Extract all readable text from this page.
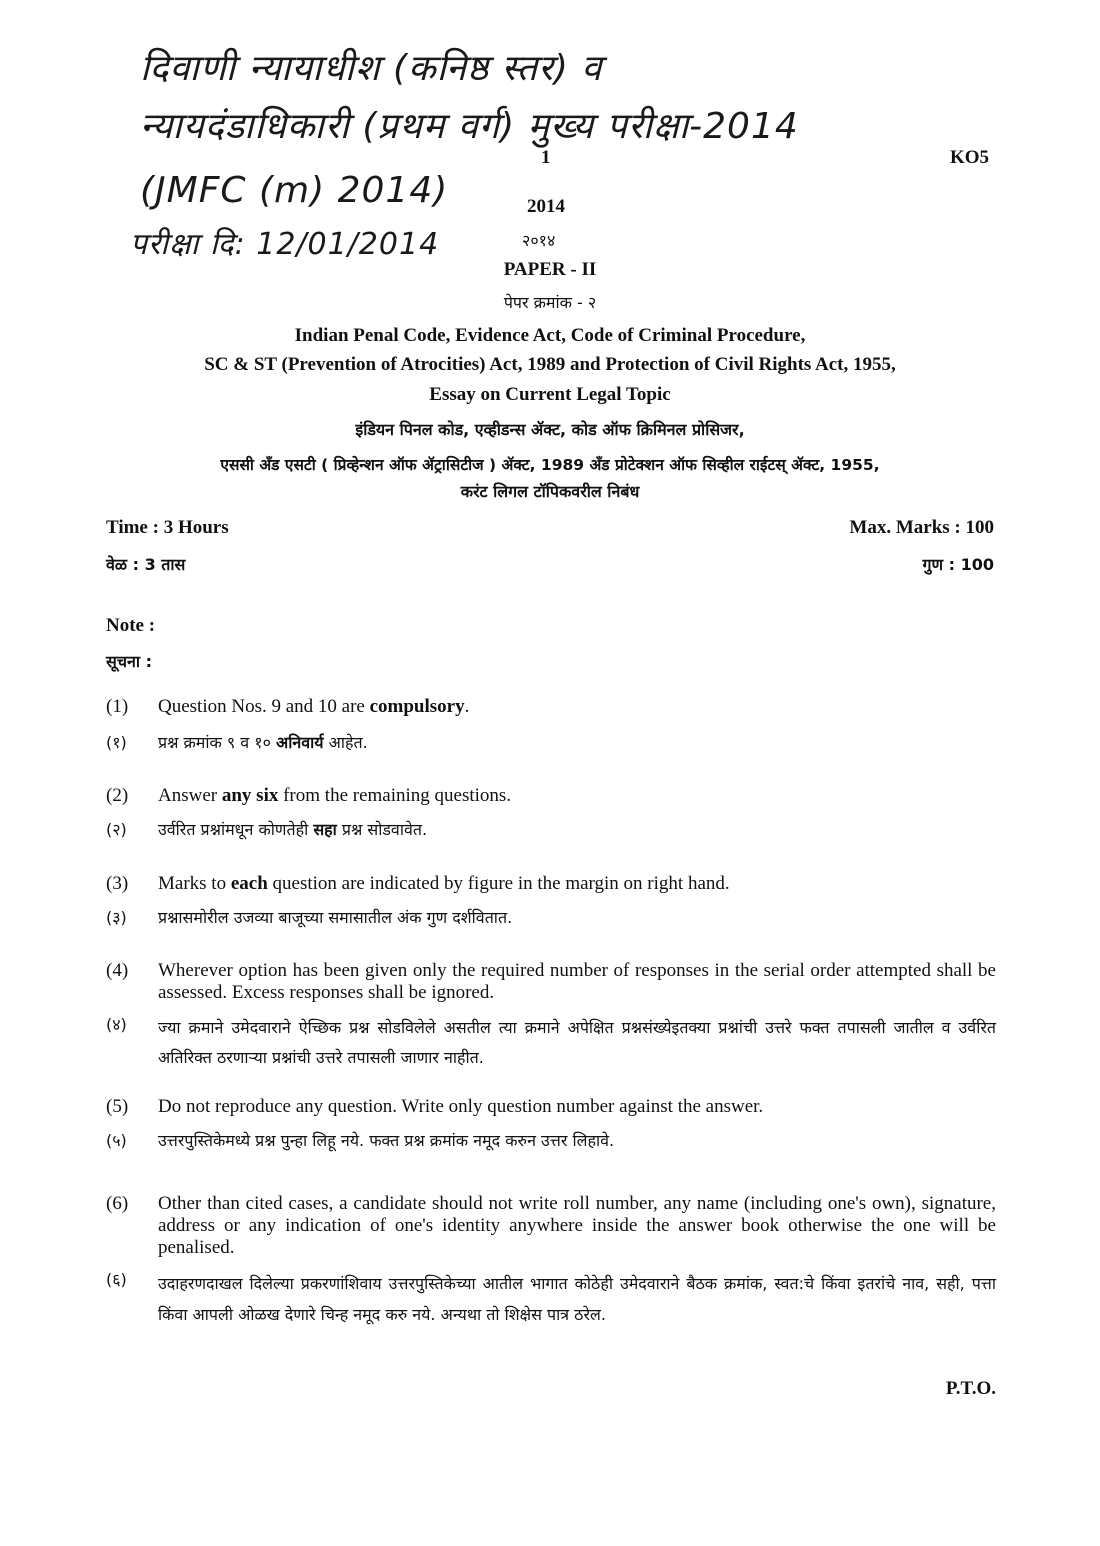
दिवाणी न्यायाधीश (कनिष्ठ स्तर) व
न्यायदंडाधिकारी (प्रथम वर्ग) मुख्य परीक्षा-2014
(JMFC (m) 2014)
परीक्षा दि: 12/01/2014
1	KO5
2014
२०१४
PAPER - II
पेपर क्रमांक - २
Indian Penal Code, Evidence Act, Code of Criminal Procedure,
SC & ST (Prevention of Atrocities) Act, 1989 and Protection of Civil Rights Act, 1955,
Essay on Current Legal Topic
इंडियन पिनल कोड, एव्हीडन्स ॲक्ट, कोड ऑफ क्रिमिनल प्रोसिजर,
एससी अँड एसटी ( प्रिव्हेन्शन ऑफ ॲट्रासिटीज ) ॲक्ट, 1989 अँड प्रोटेक्शन ऑफ सिव्हील राईटस् ॲक्ट, 1955,
करंट लिगल टॉपिकवरील निबंध
Time : 3 Hours	Max. Marks : 100
वेळ : 3 तास	गुण : 100
Note :
सूचना :
(1) Question Nos. 9 and 10 are compulsory.
(१) प्रश्न क्रमांक ९ व १० अनिवार्य आहेत.
(2) Answer any six from the remaining questions.
(२) उर्वरित प्रश्नांमधून कोणतेही सहा प्रश्न सोडवावेत.
(3) Marks to each question are indicated by figure in the margin on right hand.
(३) प्रश्नासमोरील उजव्या बाजूच्या समासातील अंक गुण दर्शवितात.
(4) Wherever option has been given only the required number of responses in the serial order attempted shall be assessed. Excess responses shall be ignored.
(४) ज्या क्रमाने उमेदवाराने ऐच्छिक प्रश्न सोडविलेले असतील त्या क्रमाने अपेक्षित प्रश्नसंख्येइतक्या प्रश्नांची उत्तरे फक्त तपासली जातील व उर्वरित अतिरिक्त ठरणाऱ्या प्रश्नांची उत्तरे तपासली जाणार नाहीत.
(5) Do not reproduce any question. Write only question number against the answer.
(५) उत्तरपुस्तिकेमध्ये प्रश्न पुन्हा लिहू नये. फक्त प्रश्न क्रमांक नमूद करुन उत्तर लिहावे.
(6) Other than cited cases, a candidate should not write roll number, any name (including one's own), signature, address or any indication of one's identity anywhere inside the answer book otherwise the one will be penalised.
(६) उदाहरणदाखल दिलेल्या प्रकरणांशिवाय उत्तरपुस्तिकेच्या आतील भागात कोठेही उमेदवाराने बैठक क्रमांक, स्वत:चे किंवा इतरांचे नाव, सही, पत्ता किंवा आपली ओळख देणारे चिन्ह नमूद करु नये. अन्यथा तो शिक्षेस पात्र ठरेल.
P.T.O.
